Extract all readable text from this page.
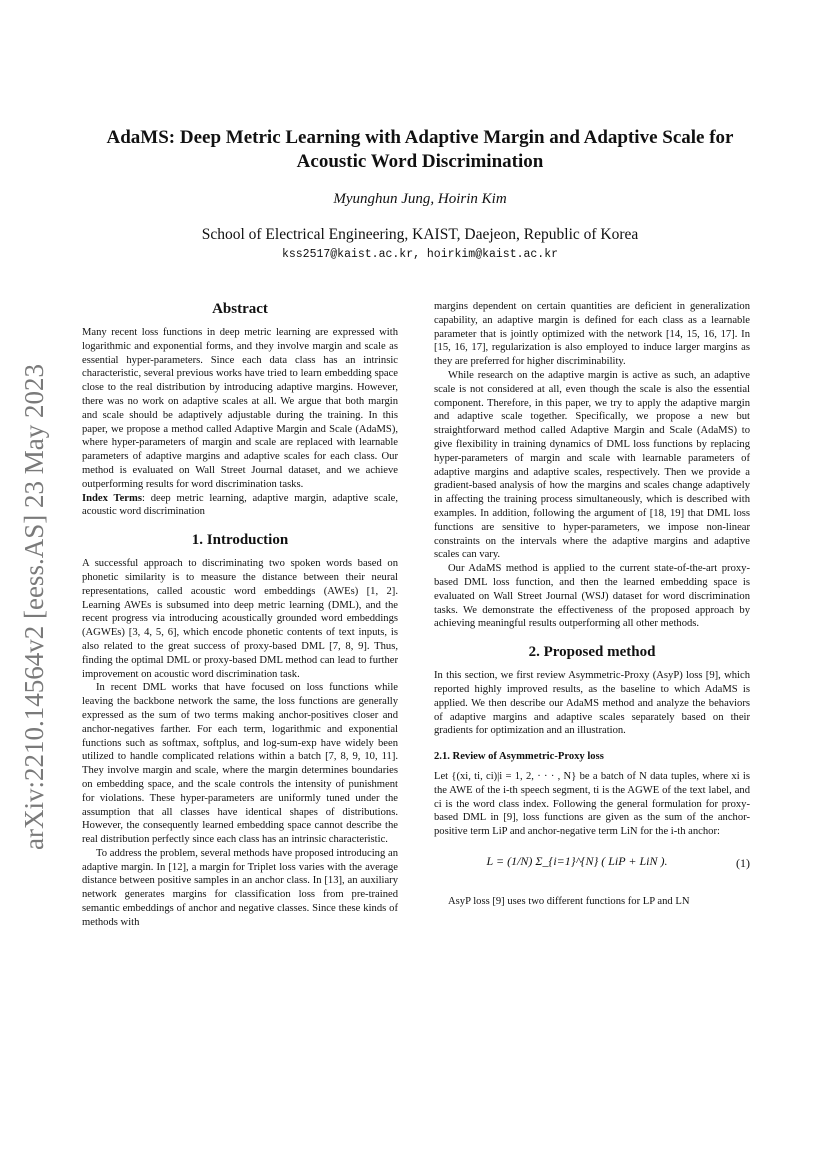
arXiv:2210.14564v2 [eess.AS] 23 May 2023
AdaMS: Deep Metric Learning with Adaptive Margin and Adaptive Scale for Acoustic Word Discrimination
Myunghun Jung, Hoirin Kim
School of Electrical Engineering, KAIST, Daejeon, Republic of Korea
kss2517@kaist.ac.kr, hoirkim@kaist.ac.kr
Abstract

Many recent loss functions in deep metric learning are expressed with logarithmic and exponential forms, and they involve margin and scale as essential hyper-parameters. Since each data class has an intrinsic characteristic, several previous works have tried to learn embedding space close to the real distribution by introducing adaptive margins. However, there was no work on adaptive scales at all. We argue that both margin and scale should be adaptively adjustable during the training. In this paper, we propose a method called Adaptive Margin and Scale (AdaMS), where hyper-parameters of margin and scale are replaced with learnable parameters of adaptive margins and adaptive scales for each class. Our method is evaluated on Wall Street Journal dataset, and we achieve outperforming results for word discrimination tasks.

Index Terms: deep metric learning, adaptive margin, adaptive scale, acoustic word discrimination

1. Introduction

A successful approach to discriminating two spoken words based on phonetic similarity is to measure the distance between their neural representations, called acoustic word embeddings (AWEs) [1, 2]. Learning AWEs is subsumed into deep metric learning (DML), and the recent progress via introducing acoustically grounded word embeddings (AGWEs) [3, 4, 5, 6], which encode phonetic contents of text inputs, is also related to the great success of proxy-based DML [7, 8, 9]. Thus, finding the optimal DML or proxy-based DML method can lead to further improvement on acoustic word discrimination task.

In recent DML works that have focused on loss functions while leaving the backbone network the same, the loss functions are generally expressed as the sum of two terms making anchor-positives closer and anchor-negatives farther. For each term, logarithmic and exponential functions such as softmax, softplus, and log-sum-exp have widely been utilized to handle complicated relations within a batch [7, 8, 9, 10, 11]. They involve margin and scale, where the margin determines boundaries on embedding space, and the scale controls the intensity of punishment for violations. These hyper-parameters are uniformly tuned under the assumption that all classes have identical shapes of distributions. However, the consequently learned embedding space cannot describe the real distribution perfectly since each class has an intrinsic characteristic.

To address the problem, several methods have proposed introducing an adaptive margin. In [12], a margin for Triplet loss varies with the average distance between positive samples in an anchor class. In [13], an auxiliary network generates margins for classification loss from pre-trained semantic embeddings of anchor and negative classes. Since these kinds of methods with

margins dependent on certain quantities are deficient in generalization capability, an adaptive margin is defined for each class as a learnable parameter that is jointly optimized with the network [14, 15, 16, 17]. In [15, 16, 17], regularization is also employed to induce larger margins as they are preferred for higher discriminability.

While research on the adaptive margin is active as such, an adaptive scale is not considered at all, even though the scale is also the essential component. Therefore, in this paper, we try to apply the adaptive margin and adaptive scale together. Specifically, we propose a new but straightforward method called Adaptive Margin and Scale (AdaMS) to give flexibility in training dynamics of DML loss functions by replacing hyper-parameters of margin and scale with learnable parameters of adaptive margins and adaptive scales, respectively. Then we provide a gradient-based analysis of how the margins and scales change adaptively in affecting the training process simultaneously, which is described with examples. In addition, following the argument of [18, 19] that DML loss functions are sensitive to hyper-parameters, we impose non-linear constraints on the intervals where the adaptive margins and adaptive scales can vary.

Our AdaMS method is applied to the current state-of-the-art proxy-based DML loss function, and then the learned embedding space is evaluated on Wall Street Journal (WSJ) dataset for word discrimination tasks. We demonstrate the effectiveness of the proposed approach by achieving meaningful results outperforming all other methods.

2. Proposed method

In this section, we first review Asymmetric-Proxy (AsyP) loss [9], which reported highly improved results, as the baseline to which AdaMS is applied. We then describe our AdaMS method and analyze the behaviors of adaptive margins and adaptive scales separately based on their gradients for optimization and an illustration.

2.1. Review of Asymmetric-Proxy loss

Let {(xi, ti, ci)|i = 1, 2, · · · , N} be a batch of N data tuples, where xi is the AWE of the i-th speech segment, ti is the AGWE of the text label, and ci is the word class index. Following the general formulation for proxy-based DML in [9], loss functions are given as the sum of the anchor-positive term LiP and anchor-negative term LiN for the i-th anchor:

L = (1/N) Σ_{i=1}^{N} ( LiP + LiN ).	(1)

AsyP loss [9] uses two different functions for LP and LN
